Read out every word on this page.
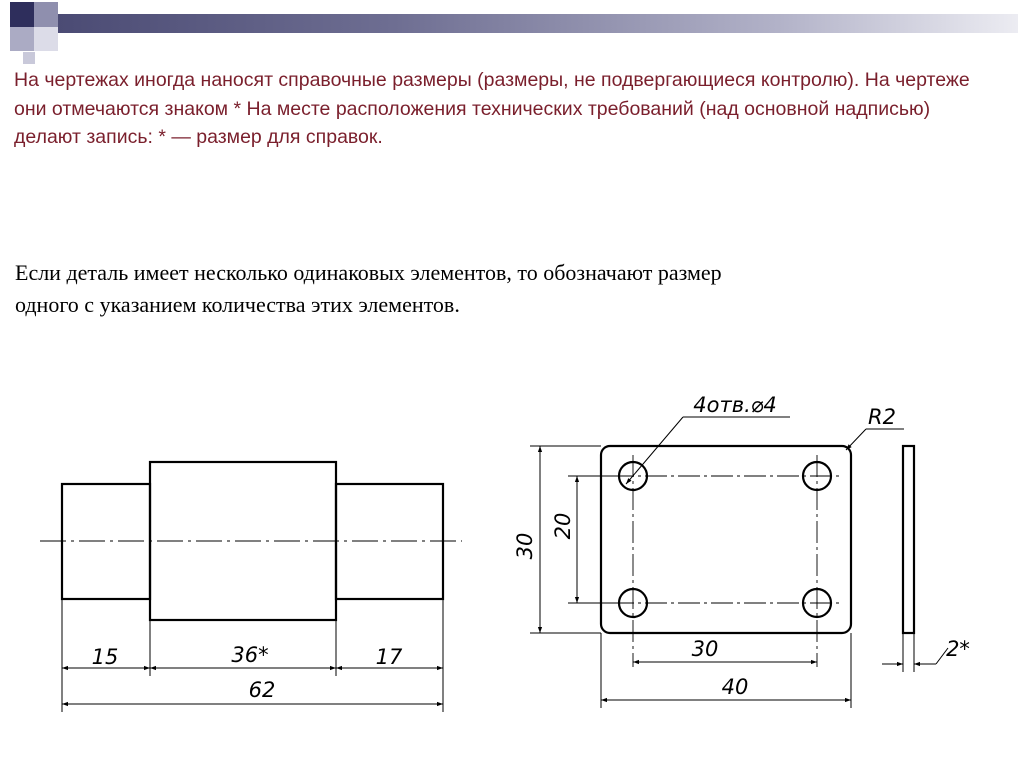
На чертежах иногда наносят справочные размеры (размеры, не подвергающиеся контролю). На чертеже они отмечаются знаком * На месте расположения технических требований (над основной надписью) делают запись: * — размер для справок.

Если деталь имеет несколько одинаковых элементов, то обозначают размер
одного с указанием количества этих элементов.

15	36*	17
62
4отв.⌀4	R2
30
20
30
40
2*
